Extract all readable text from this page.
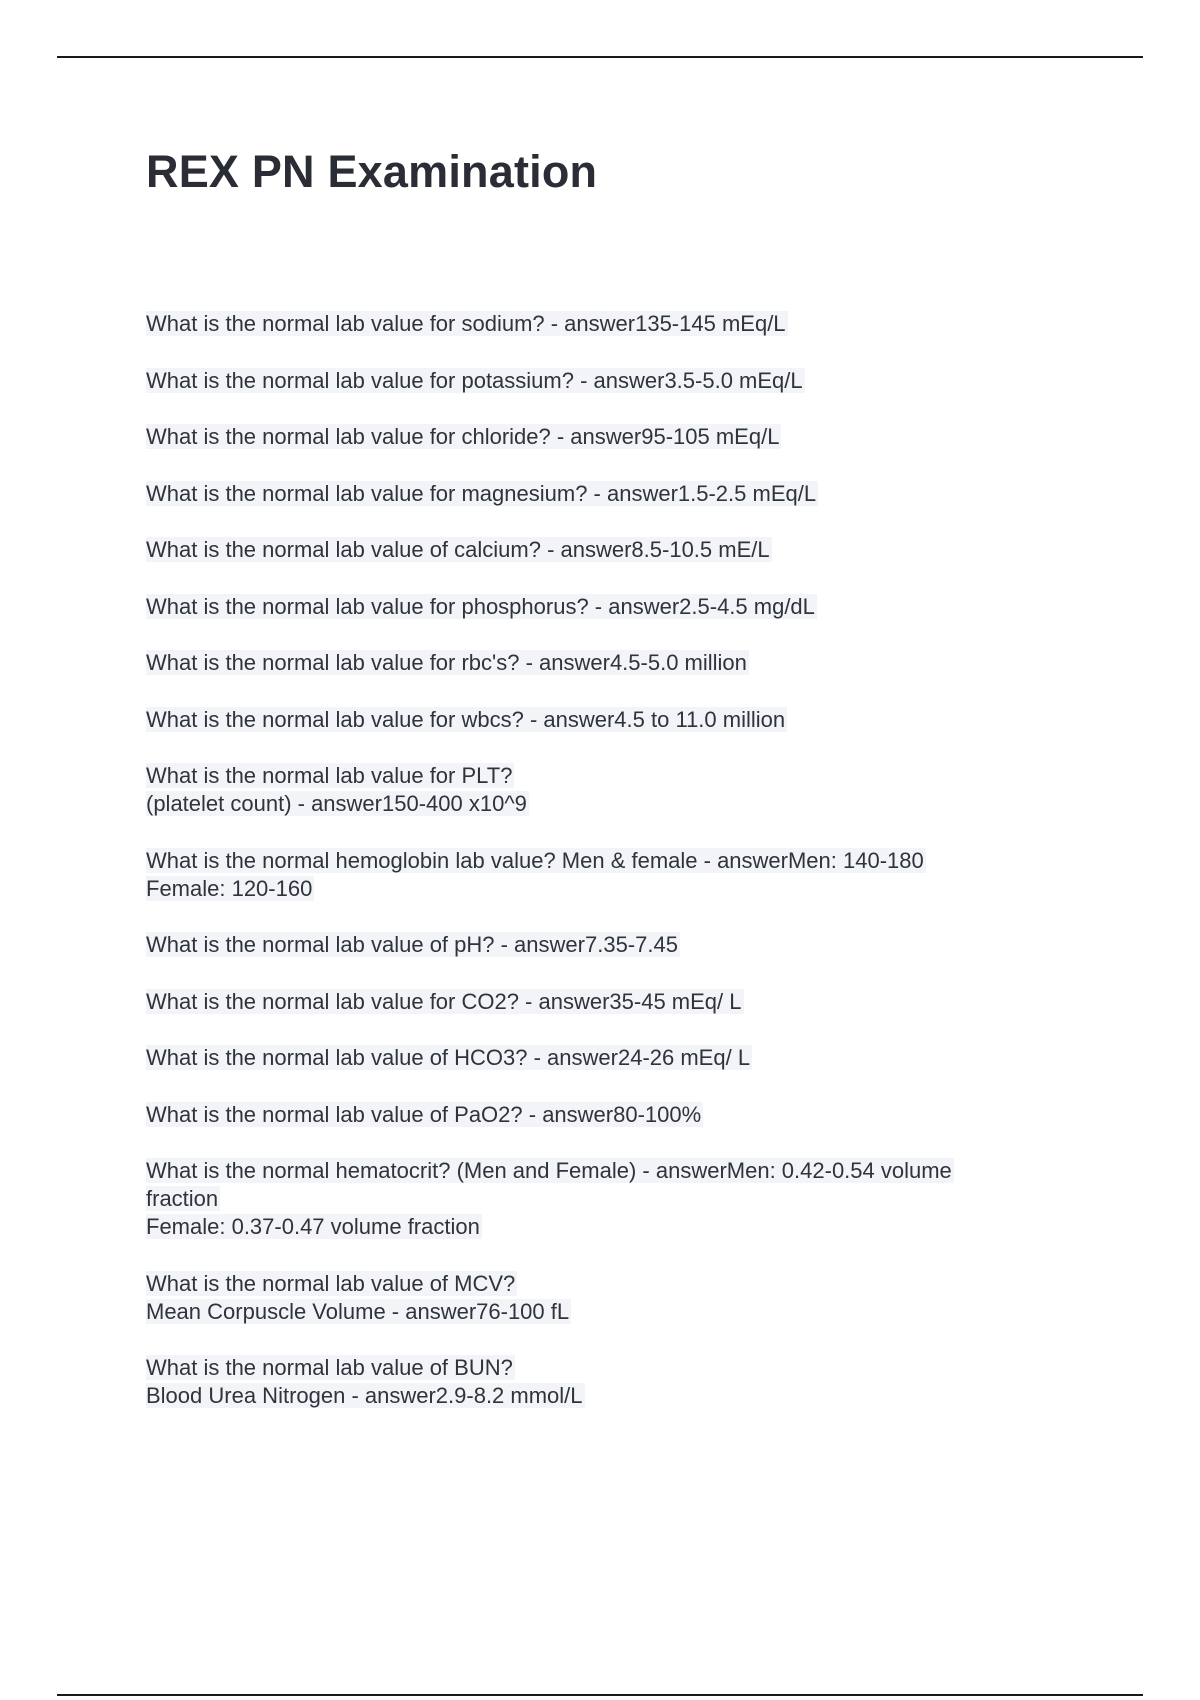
REX PN Examination
What is the normal lab value for sodium? - answer135-145 mEq/L
What is the normal lab value for potassium? - answer3.5-5.0 mEq/L
What is the normal lab value for chloride? - answer95-105 mEq/L
What is the normal lab value for magnesium? - answer1.5-2.5 mEq/L
What is the normal lab value of calcium? - answer8.5-10.5 mE/L
What is the normal lab value for phosphorus? - answer2.5-4.5 mg/dL
What is the normal lab value for rbc's? - answer4.5-5.0 million
What is the normal lab value for wbcs? - answer4.5 to 11.0 million
What is the normal lab value for PLT?
(platelet count) - answer150-400 x10^9
What is the normal hemoglobin lab value? Men & female - answerMen: 140-180
Female: 120-160
What is the normal lab value of pH? - answer7.35-7.45
What is the normal lab value for CO2? - answer35-45 mEq/ L
What is the normal lab value of HCO3? - answer24-26 mEq/ L
What is the normal lab value of PaO2? - answer80-100%
What is the normal hematocrit? (Men and Female) - answerMen: 0.42-0.54 volume
fraction
Female: 0.37-0.47 volume fraction
What is the normal lab value of MCV?
Mean Corpuscle Volume - answer76-100 fL
What is the normal lab value of BUN?
Blood Urea Nitrogen - answer2.9-8.2 mmol/L
